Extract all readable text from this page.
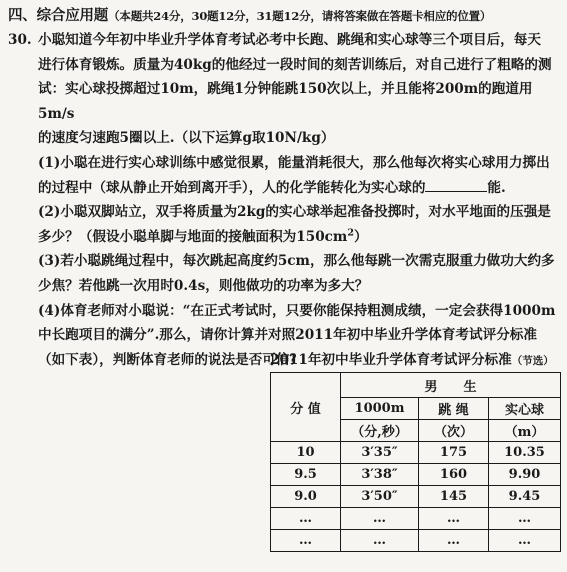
四、综合应用题（本题共24分，30题12分，31题12分，请将答案做在答题卡相应的位置）
30. 小聪知道今年初中毕业升学体育考试必考中长跑、跳绳和实心球等三个项目后，每天
进行体育锻炼。质量为40kg的他经过一段时间的刻苦训练后，对自己进行了粗略的测
试：实心球投掷超过10m，跳绳1分钟能跳150次以上，并且能将200m的跑道用5m/s
的速度匀速跑5圈以上.（以下运算g取10N/kg）
(1)小聪在进行实心球训练中感觉很累，能量消耗很大，那么他每次将实心球用力掷出
的过程中（球从静止开始到离开手），人的化学能转化为实心球的	能.
(2)小聪双脚站立，双手将质量为2kg的实心球举起准备投掷时，对水平地面的压强是
多少？（假设小聪单脚与地面的接触面积为$150cm^2$）
(3)若小聪跳绳过程中，每次跳起高度约5cm，那么他每跳一次需克服重力做功大约多
少焦？若他跳一次用时0.4s，则他做功的功率为多大？
(4)体育老师对小聪说：“在正式考试时，只要你能保持粗测成绩，一定会获得1000m
中长跑项目的满分”.那么，请你计算并对照2011年初中毕业升学体育考试评分标准
（如下表），判断体育老师的说法是否可信？
2011年初中毕业升学体育考试评分标准（节选）
分 值	男　　生		
	1000m	跳 绳	实心球
	（分,秒）	（次）	（m）
10	3′35″	175	10.35
9.5	3′38″	160	9.90
9.0	3′50″	145	9.45
…	…	…	…
…	…	…	…
